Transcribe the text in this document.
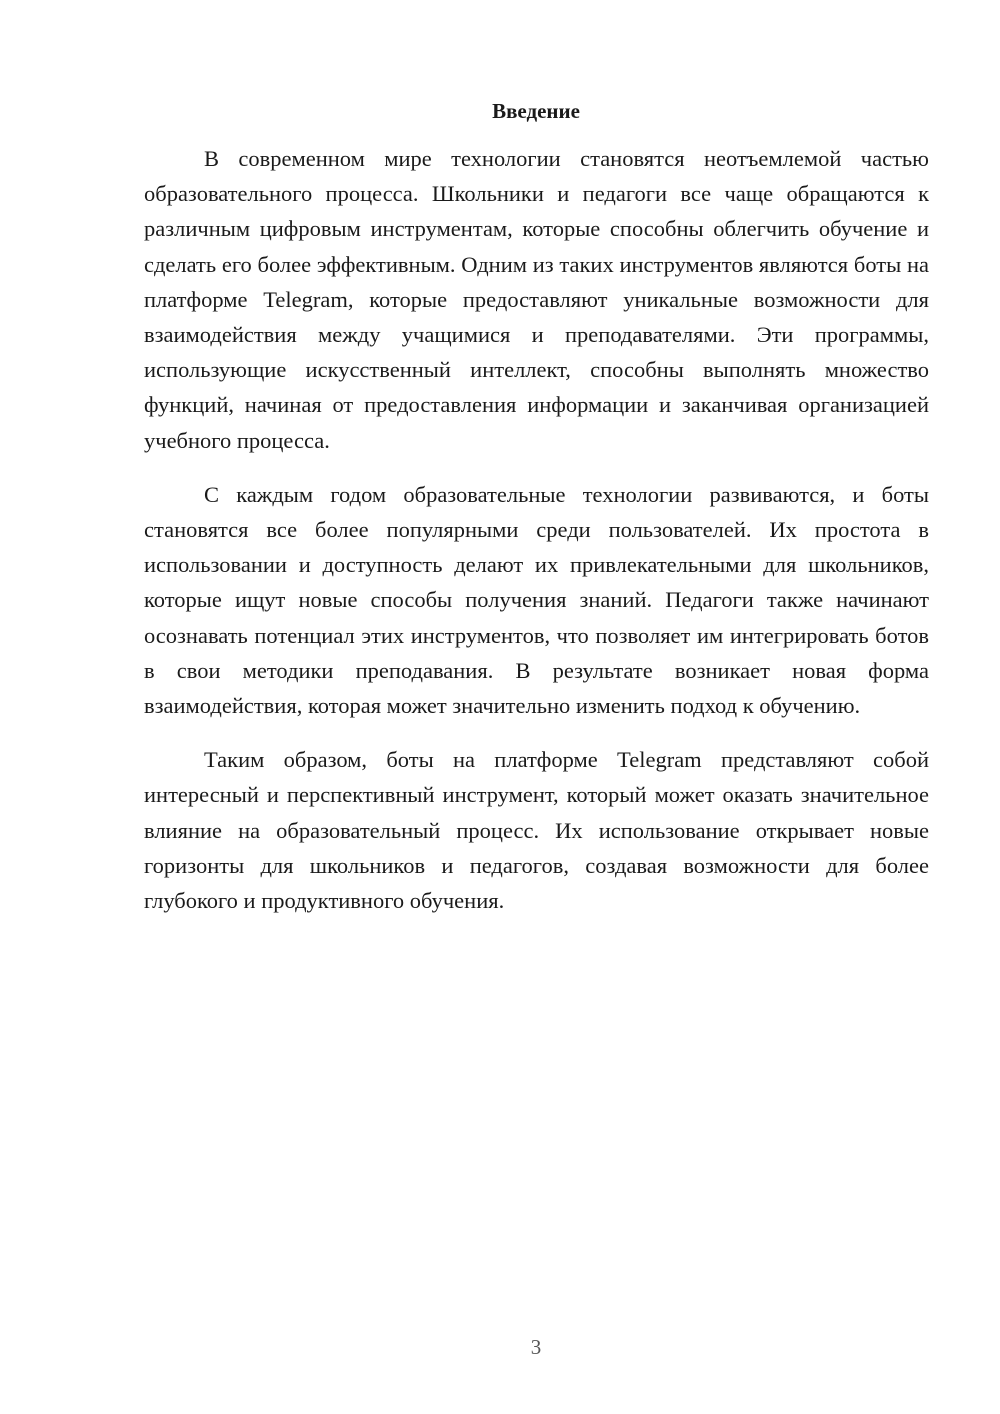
Введение

В современном мире технологии становятся неотъемлемой частью образовательного процесса. Школьники и педагоги все чаще обращаются к различным цифровым инструментам, которые способны облегчить обучение и сделать его более эффективным. Одним из таких инструментов являются боты на платформе Telegram, которые предоставляют уникальные возможности для взаимодействия между учащимися и преподавателями. Эти программы, использующие искусственный интеллект, способны выполнять множество функций, начиная от предоставления информации и заканчивая организацией учебного процесса.

С каждым годом образовательные технологии развиваются, и боты становятся все более популярными среди пользователей. Их простота в использовании и доступность делают их привлекательными для школьников, которые ищут новые способы получения знаний. Педагоги также начинают осознавать потенциал этих инструментов, что позволяет им интегрировать ботов в свои методики преподавания. В результате возникает новая форма взаимодействия, которая может значительно изменить подход к обучению.

Таким образом, боты на платформе Telegram представляют собой интересный и перспективный инструмент, который может оказать значительное влияние на образовательный процесс. Их использование открывает новые горизонты для школьников и педагогов, создавая возможности для более глубокого и продуктивного обучения.

3
